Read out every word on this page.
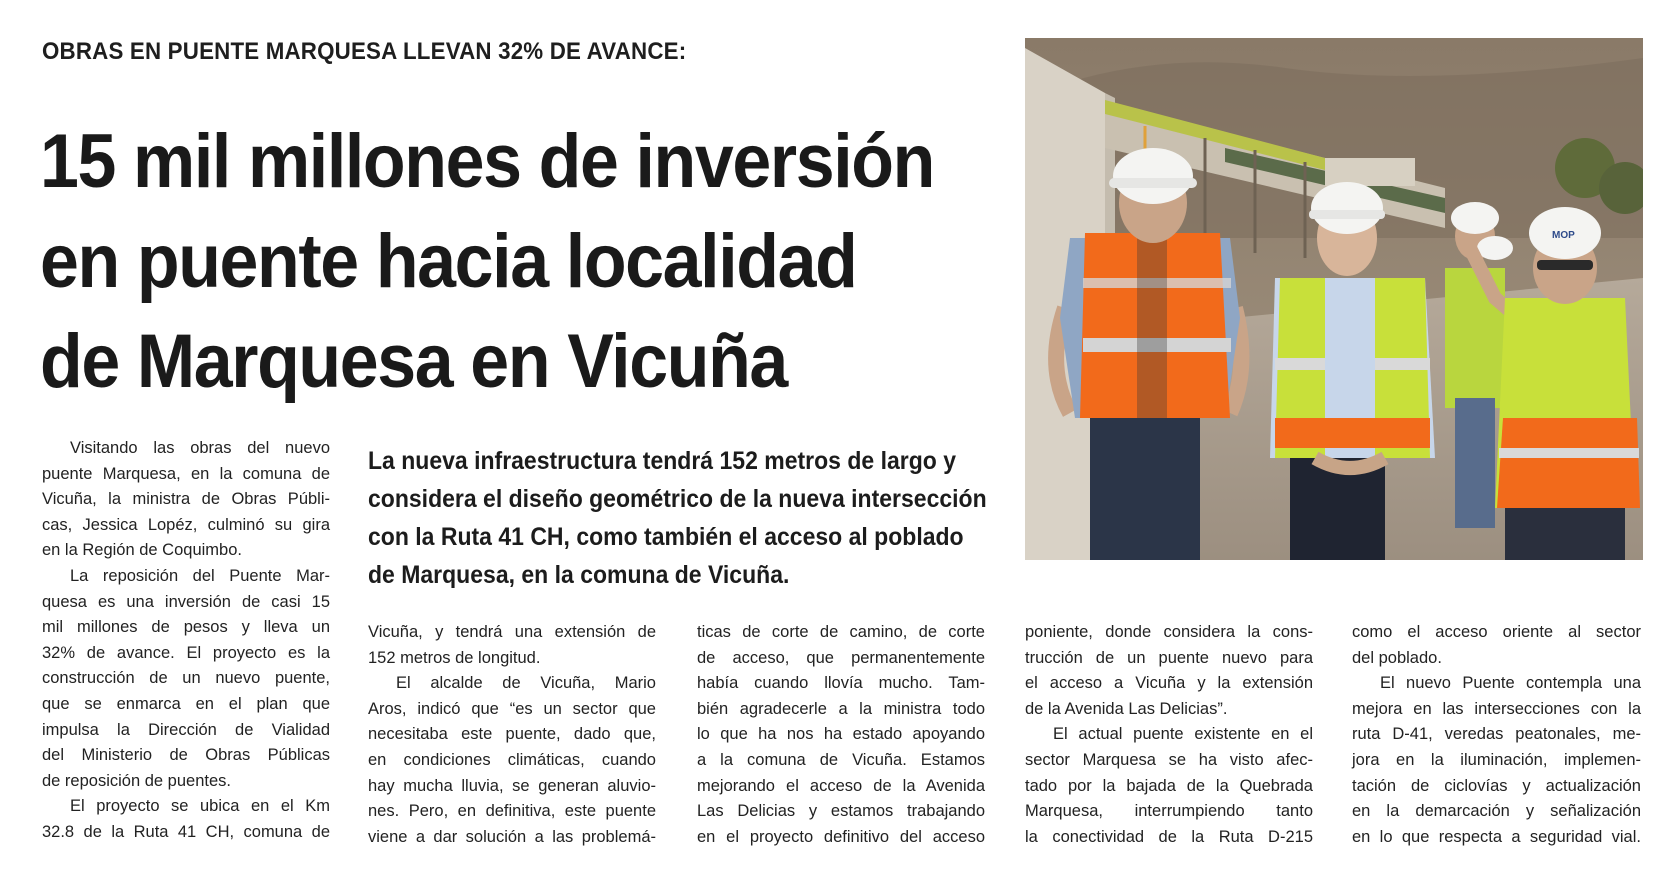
OBRAS EN PUENTE MARQUESA LLEVAN 32% DE AVANCE:
15 mil millones de inversión
en puente hacia localidad
de Marquesa en Vicuña
La nueva infraestructura tendrá 152 metros de largo y
considera el diseño geométrico de la nueva intersección
con la Ruta 41 CH, como también el acceso al poblado
de Marquesa, en la comuna de Vicuña.
Visitando las obras del nuevo
puente Marquesa, en la comuna de
Vicuña, la ministra de Obras Públi-
cas, Jessica Lopéz, culminó su gira
en la Región de Coquimbo.
La reposición del Puente Mar-
quesa es una inversión de casi 15
mil millones de pesos y lleva un
32% de avance. El proyecto es la
construcción de un nuevo puente,
que se enmarca en el plan que
impulsa la Dirección de Vialidad
del Ministerio de Obras Públicas
de reposición de puentes.
El proyecto se ubica en el Km
32.8 de la Ruta 41 CH, comuna de
Vicuña, y tendrá una extensión de
152 metros de longitud.
El alcalde de Vicuña, Mario
Aros, indicó que “es un sector que
necesitaba este puente, dado que,
en condiciones climáticas, cuando
hay mucha lluvia, se generan aluvio-
nes. Pero, en definitiva, este puente
viene a dar solución a las problemá-
ticas de corte de camino, de corte
de acceso, que permanentemente
había cuando llovía mucho. Tam-
bién agradecerle a la ministra todo
lo que ha nos ha estado apoyando
a la comuna de Vicuña. Estamos
mejorando el acceso de la Avenida
Las Delicias y estamos trabajando
en el proyecto definitivo del acceso
poniente, donde considera la cons-
trucción de un puente nuevo para
el acceso a Vicuña y la extensión
de la Avenida Las Delicias”.
El actual puente existente en el
sector Marquesa se ha visto afec-
tado por la bajada de la Quebrada
Marquesa, interrumpiendo tanto
la conectividad de la Ruta D-215
como el acceso oriente al sector
del poblado.
El nuevo Puente contempla una
mejora en las intersecciones con la
ruta D-41, veredas peatonales, me-
jora en la iluminación, implemen-
tación de ciclovías y actualización
en la demarcación y señalización
en lo que respecta a seguridad vial.
MOP
